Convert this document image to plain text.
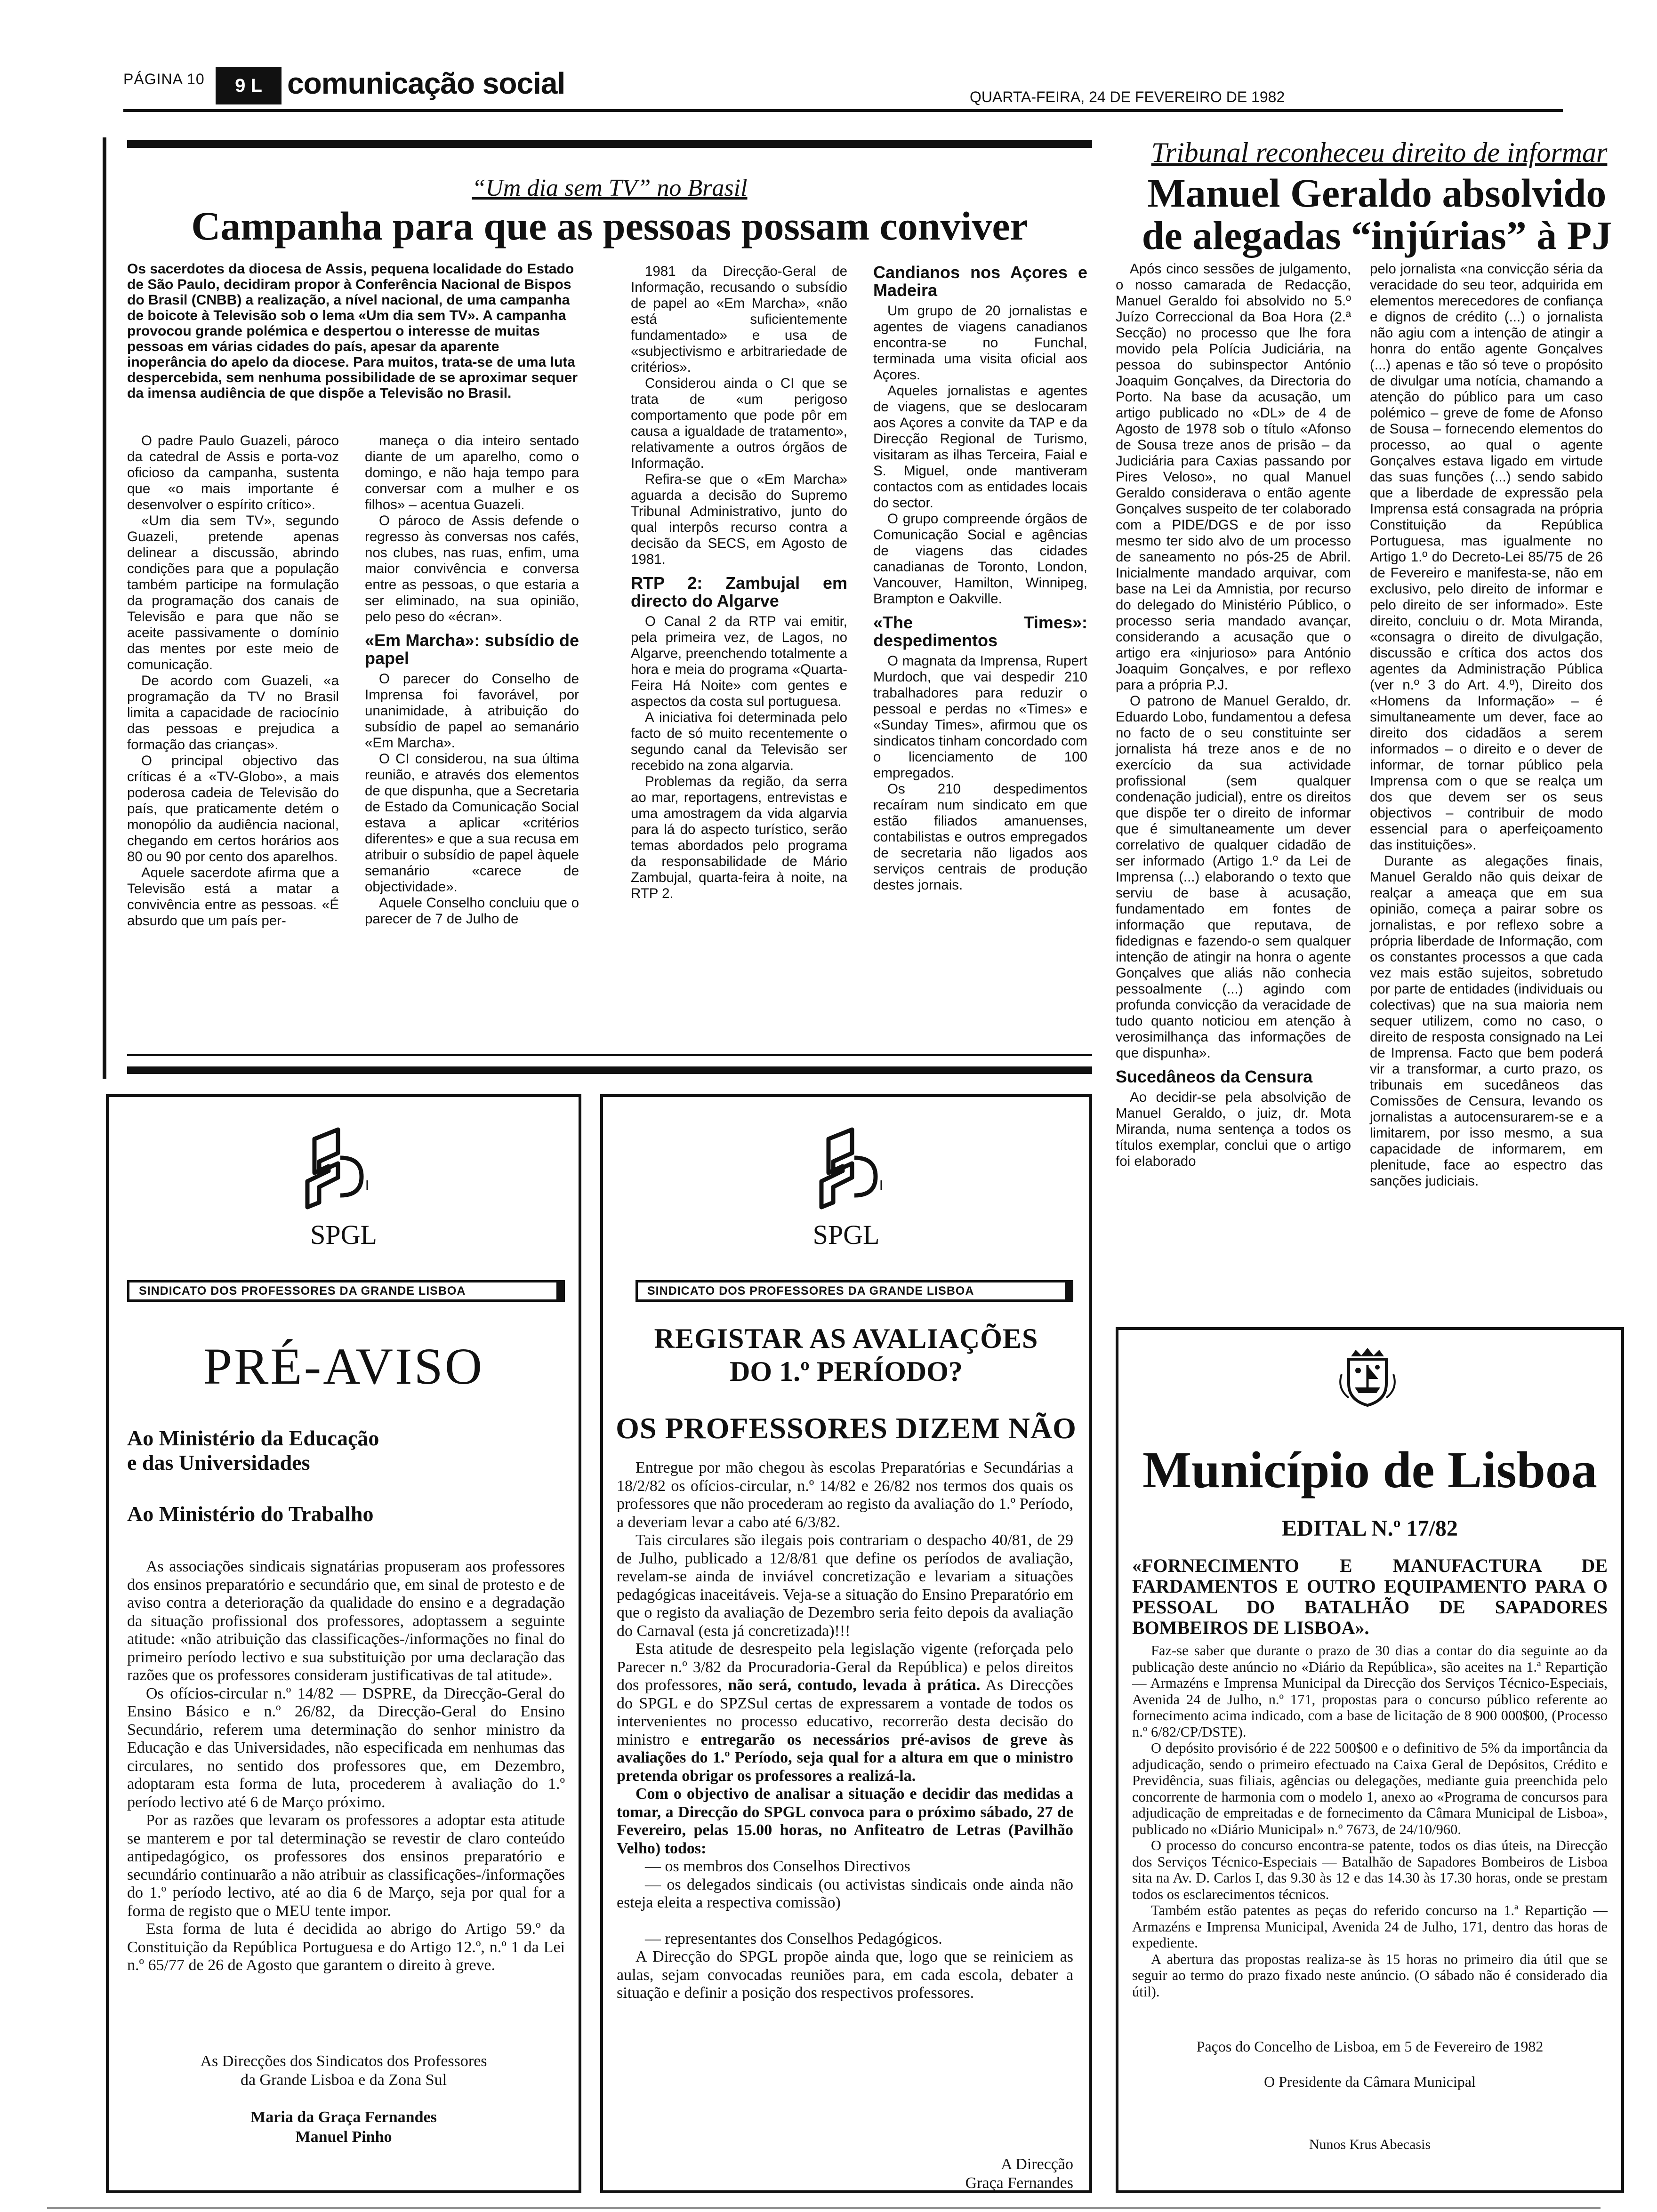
PÁGINA 10	9 L comunicação social	QUARTA-FEIRA, 24 DE FEVEREIRO DE 1982
“Um dia sem TV” no Brasil
Campanha para que as pessoas possam conviver
Os sacerdotes da diocesa de Assis, pequena localidade do Estado de São Paulo, decidiram propor à Conferência Nacional de Bispos do Brasil (CNBB) a realização, a nível nacional, de uma campanha de boicote à Televisão sob o lema «Um dia sem TV». A campanha provocou grande polémica e despertou o interesse de muitas pessoas em várias cidades do país, apesar da aparente inoperância do apelo da diocese. Para muitos, trata-se de uma luta despercebida, sem nenhuma possibilidade de se aproximar sequer da imensa audiência de que dispõe a Televisão no Brasil.

O padre Paulo Guazeli, pároco da catedral de Assis e porta-voz oficioso da campanha, sustenta que «o mais importante é desenvolver o espírito crítico».

«Um dia sem TV», segundo Guazeli, pretende apenas delinear a discussão, abrindo condições para que a população também participe na formulação da programação dos canais de Televisão e para que não se aceite passivamente o domínio das mentes por este meio de comunicação.

De acordo com Guazeli, «a programação da TV no Brasil limita a capacidade de raciocínio das pessoas e prejudica a formação das crianças».

O principal objectivo das críticas é a «TV-Globo», a mais poderosa cadeia de Televisão do país, que praticamente detém o monopólio da audiência nacional, chegando em certos horários aos 80 ou 90 por cento dos aparelhos.

Aquele sacerdote afirma que a Televisão está a matar a convivência entre as pessoas. «É absurdo que um país per-

maneça o dia inteiro sentado diante de um aparelho, como o domingo, e não haja tempo para conversar com a mulher e os filhos» – acentua Guazeli.

O pároco de Assis defende o regresso às conversas nos cafés, nos clubes, nas ruas, enfim, uma maior convivência e conversa entre as pessoas, o que estaria a ser eliminado, na sua opinião, pelo peso do «écran».

«Em Marcha»: subsídio de papel

O parecer do Conselho de Imprensa foi favorável, por unanimidade, à atribuição do subsídio de papel ao semanário «Em Marcha».

O CI considerou, na sua última reunião, e através dos elementos de que dispunha, que a Secretaria de Estado da Comunicação Social estava a aplicar «critérios diferentes» e que a sua recusa em atribuir o subsídio de papel àquele semanário «carece de objectividade».

Aquele Conselho concluiu que o parecer de 7 de Julho de

1981 da Direcção-Geral de Informação, recusando o subsídio de papel ao «Em Marcha», «não está suficientemente fundamentado» e usa de «subjectivismo e arbitrariedade de critérios».

Considerou ainda o CI que se trata de «um perigoso comportamento que pode pôr em causa a igualdade de tratamento», relativamente a outros órgãos de Informação.

Refira-se que o «Em Marcha» aguarda a decisão do Supremo Tribunal Administrativo, junto do qual interpôs recurso contra a decisão da SECS, em Agosto de 1981.

RTP 2: Zambujal em directo do Algarve

O Canal 2 da RTP vai emitir, pela primeira vez, de Lagos, no Algarve, preenchendo totalmente a hora e meia do programa «Quarta-Feira Há Noite» com gentes e aspectos da costa sul portuguesa.

A iniciativa foi determinada pelo facto de só muito recentemente o segundo canal da Televisão ser recebido na zona algarvia.

Problemas da região, da serra ao mar, reportagens, entrevistas e uma amostragem da vida algarvia para lá do aspecto turístico, serão temas abordados pelo programa da responsabilidade de Mário Zambujal, quarta-feira à noite, na RTP 2.

Candianos nos Açores e Madeira

Um grupo de 20 jornalistas e agentes de viagens canadianos encontra-se no Funchal, terminada uma visita oficial aos Açores.

Aqueles jornalistas e agentes de viagens, que se deslocaram aos Açores a convite da TAP e da Direcção Regional de Turismo, visitaram as ilhas Terceira, Faial e S. Miguel, onde mantiveram contactos com as entidades locais do sector.

O grupo compreende órgãos de Comunicação Social e agências de viagens das cidades canadianas de Toronto, London, Vancouver, Hamilton, Winnipeg, Brampton e Oakville.

«The Times»: despedimentos

O magnata da Imprensa, Rupert Murdoch, que vai despedir 210 trabalhadores para reduzir o pessoal e perdas no «Times» e «Sunday Times», afirmou que os sindicatos tinham concordado com o licenciamento de 100 empregados.

Os 210 despedimentos recaíram num sindicato em que estão filiados amanuenses, contabilistas e outros empregados de secretaria não ligados aos serviços centrais de produção destes jornais.

Tribunal reconheceu direito de informar
Manuel Geraldo absolvido
de alegadas “injúrias” à PJ

Após cinco sessões de julgamento, o nosso camarada de Redacção, Manuel Geraldo foi absolvido no 5.º Juízo Correccional da Boa Hora (2.ª Secção) no processo que lhe fora movido pela Polícia Judiciária, na pessoa do subinspector António Joaquim Gonçalves, da Directoria do Porto. Na base da acusação, um artigo publicado no «DL» de 4 de Agosto de 1978 sob o título «Afonso de Sousa treze anos de prisão – da Judiciária para Caxias passando por Pires Veloso», no qual Manuel Geraldo considerava o então agente Gonçalves suspeito de ter colaborado com a PIDE/DGS e de por isso mesmo ter sido alvo de um processo de saneamento no pós-25 de Abril. Inicialmente mandado arquivar, com base na Lei da Amnistia, por recurso do delegado do Ministério Público, o processo seria mandado avançar, considerando a acusação que o artigo era «injurioso» para António Joaquim Gonçalves, e por reflexo para a própria P.J.

O patrono de Manuel Geraldo, dr. Eduardo Lobo, fundamentou a defesa no facto de o seu constituinte ser jornalista há treze anos e de no exercício da sua actividade profissional (sem qualquer condenação judicial), entre os direitos que dispõe ter o direito de informar que é simultaneamente um dever correlativo de qualquer cidadão de ser informado (Artigo 1.º da Lei de Imprensa (...) elaborando o texto que serviu de base à acusação, fundamentado em fontes de informação que reputava, de fidedignas e fazendo-o sem qualquer intenção de atingir na honra o agente Gonçalves que aliás não conhecia pessoalmente (...) agindo com profunda convicção da veracidade de tudo quanto noticiou em atenção à verosimilhança das informações de que dispunha».

Sucedâneos da Censura

Ao decidir-se pela absolvição de Manuel Geraldo, o juiz, dr. Mota Miranda, numa sentença a todos os títulos exemplar, conclui que o artigo foi elaborado

pelo jornalista «na convicção séria da veracidade do seu teor, adquirida em elementos merecedores de confiança e dignos de crédito (...) o jornalista não agiu com a intenção de atingir a honra do então agente Gonçalves (...) apenas e tão só teve o propósito de divulgar uma notícia, chamando a atenção do público para um caso polémico – greve de fome de Afonso de Sousa – fornecendo elementos do processo, ao qual o agente Gonçalves estava ligado em virtude das suas funções (...) sendo sabido que a liberdade de expressão pela Imprensa está consagrada na própria Constituição da República Portuguesa, mas igualmente no Artigo 1.º do Decreto-Lei 85/75 de 26 de Fevereiro e manifesta-se, não em exclusivo, pelo direito de informar e pelo direito de ser informado». Este direito, concluiu o dr. Mota Miranda, «consagra o direito de divulgação, discussão e crítica dos actos dos agentes da Administração Pública (ver n.º 3 do Art. 4.º), Direito dos «Homens da Informação» – é simultaneamente um dever, face ao direito dos cidadãos a serem informados – o direito e o dever de informar, de tornar público pela Imprensa com o que se realça um dos que devem ser os seus objectivos – contribuir de modo essencial para o aperfeiçoamento das instituições».

Durante as alegações finais, Manuel Geraldo não quis deixar de realçar a ameaça que em sua opinião, começa a pairar sobre os jornalistas, e por reflexo sobre a própria liberdade de Informação, com os constantes processos a que cada vez mais estão sujeitos, sobretudo por parte de entidades (individuais ou colectivas) que na sua maioria nem sequer utilizem, como no caso, o direito de resposta consignado na Lei de Imprensa. Facto que bem poderá vir a transformar, a curto prazo, os tribunais em sucedâneos das Comissões de Censura, levando os jornalistas a autocensurarem-se e a limitarem, por isso mesmo, a sua capacidade de informarem, em plenitude, face ao espectro das sanções judiciais.

SPGL
SINDICATO DOS PROFESSORES DA GRANDE LISBOA
PRÉ-AVISO
Ao Ministério da Educação
e das Universidades
Ao Ministério do Trabalho

As associações sindicais signatárias propuseram aos professores dos ensinos preparatório e secundário que, em sinal de protesto e de aviso contra a deterioração da qualidade do ensino e a degradação da situação profissional dos professores, adoptassem a seguinte atitude: «não atribuição das classificações-/informações no final do primeiro período lectivo e sua substituição por uma declaração das razões que os professores consideram justificativas de tal atitude».

Os ofícios-circular n.º 14/82 — DSPRE, da Direcção-Geral do Ensino Básico e n.º 26/82, da Direcção-Geral do Ensino Secundário, referem uma determinação do senhor ministro da Educação e das Universidades, não especificada em nenhumas das circulares, no sentido dos professores que, em Dezembro, adoptaram esta forma de luta, procederem à avaliação do 1.º período lectivo até 6 de Março próximo.

Por as razões que levaram os professores a adoptar esta atitude se manterem e por tal determinação se revestir de claro conteúdo antipedagógico, os professores dos ensinos preparatório e secundário continuarão a não atribuir as classificações-/informações do 1.º período lectivo, até ao dia 6 de Março, seja por qual for a forma de registo que o MEU tente impor.

Esta forma de luta é decidida ao abrigo do Artigo 59.º da Constituição da República Portuguesa e do Artigo 12.º, n.º 1 da Lei n.º 65/77 de 26 de Agosto que garantem o direito à greve.

As Direcções dos Sindicatos dos Professores
da Grande Lisboa e da Zona Sul
Maria da Graça Fernandes
Manuel Pinho
SPGL
SINDICATO DOS PROFESSORES DA GRANDE LISBOA
REGISTAR AS AVALIAÇÕES
DO 1.º PERÍODO?
OS PROFESSORES DIZEM NÃO

Entregue por mão chegou às escolas Preparatórias e Secundárias a 18/2/82 os ofícios-circular, n.º 14/82 e 26/82 nos termos dos quais os professores que não procederam ao registo da avaliação do 1.º Período, a deveriam levar a cabo até 6/3/82.

Tais circulares são ilegais pois contrariam o despacho 40/81, de 29 de Julho, publicado a 12/8/81 que define os períodos de avaliação, revelam-se ainda de inviável concretização e levariam a situações pedagógicas inaceitáveis. Veja-se a situação do Ensino Preparatório em que o registo da avaliação de Dezembro seria feito depois da avaliação do Carnaval (esta já concretizada)!!!

Esta atitude de desrespeito pela legislação vigente (reforçada pelo Parecer n.º 3/82 da Procuradoria-Geral da República) e pelos direitos dos professores, não será, contudo, levada à prática. As Direcções do SPGL e do SPZSul certas de expressarem a vontade de todos os intervenientes no processo educativo, recorrerão desta decisão do ministro e entregarão os necessários pré-avisos de greve às avaliações do 1.º Período, seja qual for a altura em que o ministro pretenda obrigar os professores a realizá-la.

Com o objectivo de analisar a situação e decidir das medidas a tomar, a Direcção do SPGL convoca para o próximo sábado, 27 de Fevereiro, pelas 15.00 horas, no Anfiteatro de Letras (Pavilhão Velho) todos:

— os membros dos Conselhos Directivos

— os delegados sindicais (ou activistas sindicais onde ainda não esteja eleita a respectiva comissão)

— representantes dos Conselhos Pedagógicos.

A Direcção do SPGL propõe ainda que, logo que se reiniciem as aulas, sejam convocadas reuniões para, em cada escola, debater a situação e definir a posição dos respectivos professores.

A Direcção
Graça Fernandes
Município de Lisboa
EDITAL N.º 17/82
«FORNECIMENTO E MANUFACTURA DE FARDAMENTOS E OUTRO EQUIPAMENTO PARA O PESSOAL DO BATALHÃO DE SAPADORES BOMBEIROS DE LISBOA».

Faz-se saber que durante o prazo de 30 dias a contar do dia seguinte ao da publicação deste anúncio no «Diário da República», são aceites na 1.ª Repartição — Armazéns e Imprensa Municipal da Direcção dos Serviços Técnico-Especiais, Avenida 24 de Julho, n.º 171, propostas para o concurso público referente ao fornecimento acima indicado, com a base de licitação de 8 900 000$00, (Processo n.º 6/82/CP/DSTE).

O depósito provisório é de 222 500$00 e o definitivo de 5% da importância da adjudicação, sendo o primeiro efectuado na Caixa Geral de Depósitos, Crédito e Previdência, suas filiais, agências ou delegações, mediante guia preenchida pelo concorrente de harmonia com o modelo 1, anexo ao «Programa de concursos para adjudicação de empreitadas e de fornecimento da Câmara Municipal de Lisboa», publicado no «Diário Municipal» n.º 7673, de 24/10/960.

O processo do concurso encontra-se patente, todos os dias úteis, na Direcção dos Serviços Técnico-Especiais — Batalhão de Sapadores Bombeiros de Lisboa sita na Av. D. Carlos I, das 9.30 às 12 e das 14.30 às 17.30 horas, onde se prestam todos os esclarecimentos técnicos.

Também estão patentes as peças do referido concurso na 1.ª Repartição — Armazéns e Imprensa Municipal, Avenida 24 de Julho, 171, dentro das horas de expediente.

A abertura das propostas realiza-se às 15 horas no primeiro dia útil que se seguir ao termo do prazo fixado neste anúncio. (O sábado não é considerado dia útil).

Paços do Concelho de Lisboa, em 5 de Fevereiro de 1982
O Presidente da Câmara Municipal
Nunos Krus Abecasis
